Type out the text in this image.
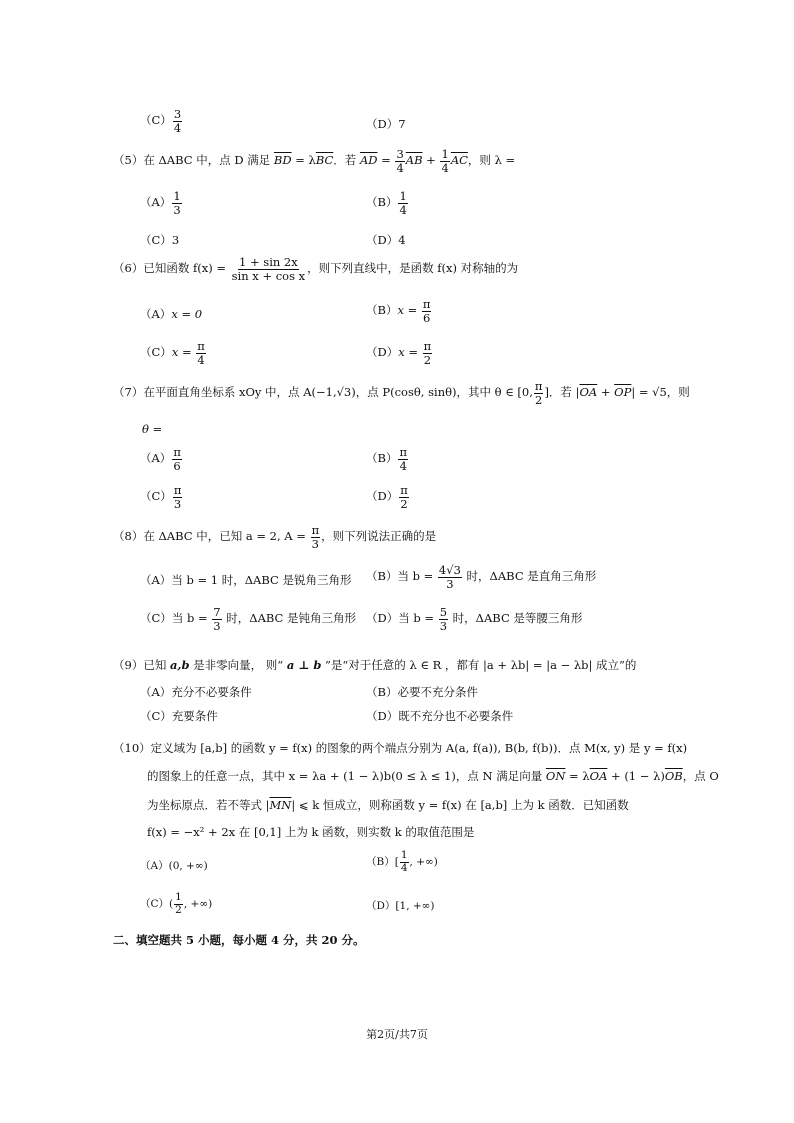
$(C) \frac{3}{4}$	（D）7
（5）在 ΔABC 中，点 D 满足 $\overline{BD} = \lambda\overline{BC}$．若 $\overline{AD} = \frac{3}{4} \overline{AB} + \frac{1}{4} \overline{AC}$，则 λ =
$(A) \frac{1}{3}$	$(B) \frac{1}{4}$
（C）3	（D）4
（6）已知函数 $f(x) = \frac{1 + \sin 2x}{\text{sin x + cos x}}$ ，则下列直线中，是函数 f(x) 对称轴的为
（A）x = 0	$(B)x = \frac{\pi}{6}$
$(C)x = \frac{\pi}{4}$	$(D)x = \frac{\pi}{2}$
（7）在平面直角坐标系 xOy 中，点 A(−1,√3)，点 P(cosθ, sinθ)，其中 θ ∈ [0, $\frac{\pi}{2}$ ]．若 $|\overline{OA} + \overline{OP}| = √5$，则
θ =
$(A) \frac{\pi}{6}$	$(B) \frac{\pi}{4}$
$(C) \frac{\pi}{3}$	$(D) \frac{\pi}{2}$
（8）在 ΔABC 中，已知 a = 2, $A = \frac{\pi}{3}$ ，则下列说法正确的是
（A）当 b = 1 时，ΔABC 是锐角三角形 （B）当 $b = \frac{4√3}{3}$ 时，ΔABC 是直角三角形
（C）当 $b = \frac{7}{3}$ 时，ΔABC 是钝角三角形 （D）当 $b = \frac{5}{3}$ 时，ΔABC 是等腰三角形
（9）已知 a,b 是非零向量， 则“ a ⊥ b ”是“对于任意的 λ ∈ R ，都有 |a + λb| = |a − λb| 成立”的
（A）充分不必要条件	（B）必要不充分条件
（C）充要条件	（D）既不充分也不必要条件
（10）定义域为 [a,b] 的函数 y = f(x) 的图象的两个端点分别为 A(a, f(a)), B(b, f(b))．点 M(x, y) 是 y = f(x)
的图象上的任意一点，其中 x = λa + (1 − λ)b(0 ≤ λ ≤ 1)，点 N 满足向量 $\overline{ON} = \lambda\overline{OA} + (1 - \lambda)\overline{OB}$，点 O
为坐标原点．若不等式 $|\overline{MN}|$ ⩽ k 恒成立，则称函数 y = f(x) 在 [a,b] 上为 k 函数．已知函数
f(x) = −x² + 2x 在 [0,1] 上为 k 函数，则实数 k 的取值范围是
（A）(0, +∞)	$(B)[ \frac{1}{4}$ , +∞)
$(C)( \frac{1}{2}$ , +∞)	（D）[1, +∞)
二、填空题共 5 小题，每小题 4 分，共 20 分。
第2页/共7页
